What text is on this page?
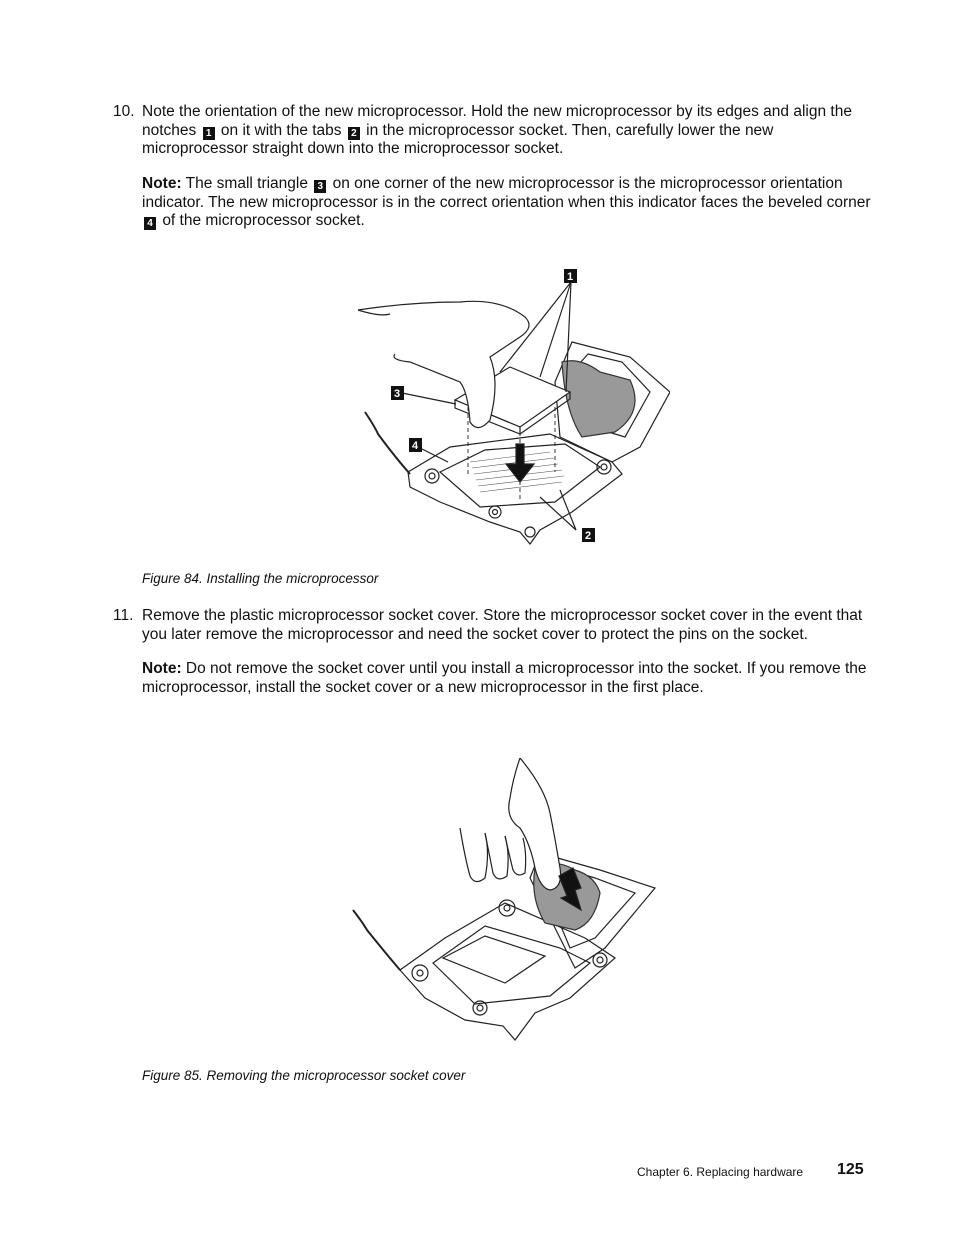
10. Note the orientation of the new microprocessor. Hold the new microprocessor by its edges and align the notches 1 on it with the tabs 2 in the microprocessor socket. Then, carefully lower the new microprocessor straight down into the microprocessor socket.
Note: The small triangle 3 on one corner of the new microprocessor is the microprocessor orientation indicator. The new microprocessor is in the correct orientation when this indicator faces the beveled corner 4 of the microprocessor socket.
1
3
4
2
Figure 84. Installing the microprocessor
11. Remove the plastic microprocessor socket cover. Store the microprocessor socket cover in the event that you later remove the microprocessor and need the socket cover to protect the pins on the socket.
Note: Do not remove the socket cover until you install a microprocessor into the socket. If you remove the microprocessor, install the socket cover or a new microprocessor in the first place.
Figure 85. Removing the microprocessor socket cover
Chapter 6. Replacing hardware 125
